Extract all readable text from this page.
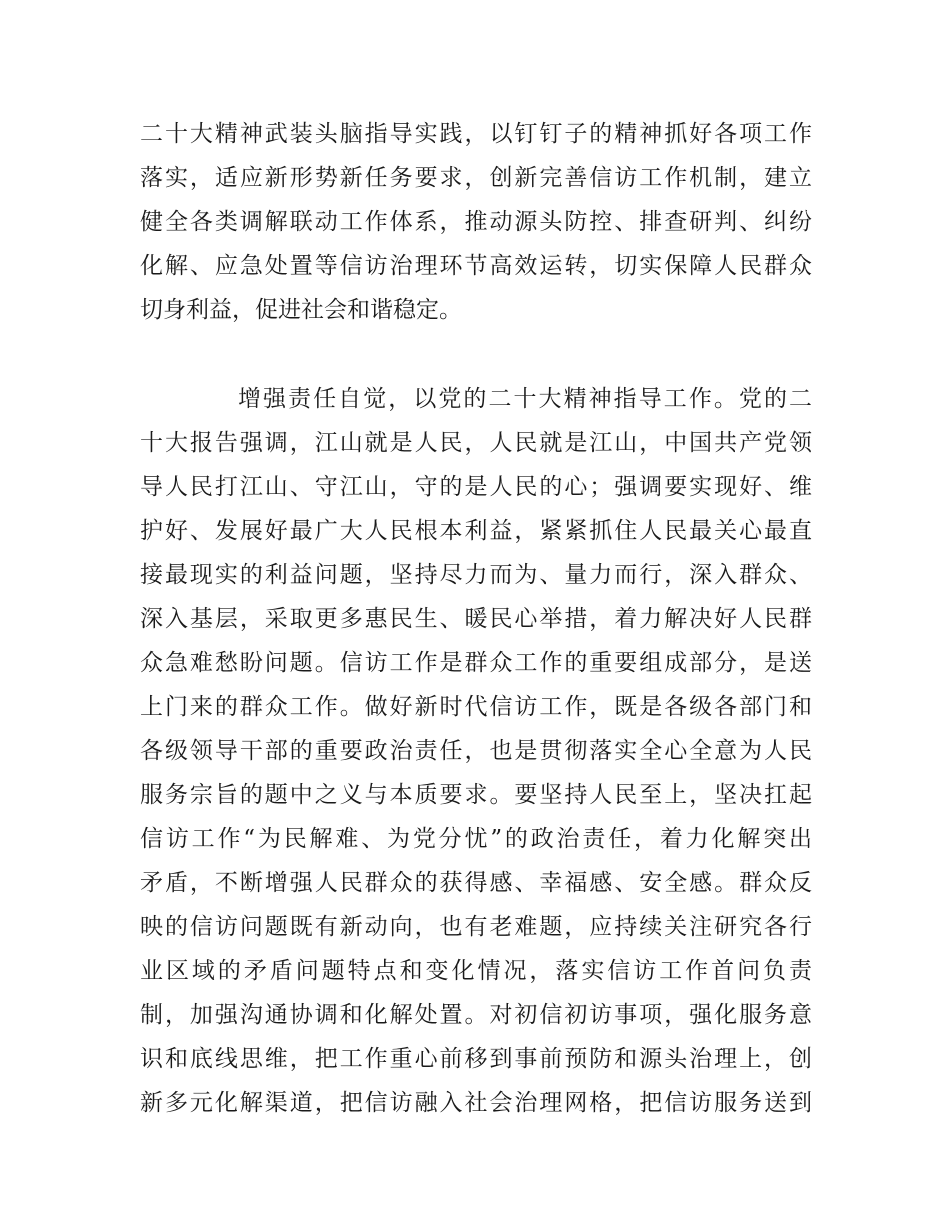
二十大精神武装头脑指导实践，以钉钉子的精神抓好各项工作
落实，适应新形势新任务要求，创新完善信访工作机制，建立
健全各类调解联动工作体系，推动源头防控、排查研判、纠纷
化解、应急处置等信访治理环节高效运转，切实保障人民群众
切身利益，促进社会和谐稳定。
增强责任自觉，以党的二十大精神指导工作。党的二
十大报告强调，江山就是人民，人民就是江山，中国共产党领
导人民打江山、守江山，守的是人民的心；强调要实现好、维
护好、发展好最广大人民根本利益，紧紧抓住人民最关心最直
接最现实的利益问题，坚持尽力而为、量力而行，深入群众、
深入基层，采取更多惠民生、暖民心举措，着力解决好人民群
众急难愁盼问题。信访工作是群众工作的重要组成部分，是送
上门来的群众工作。做好新时代信访工作，既是各级各部门和
各级领导干部的重要政治责任，也是贯彻落实全心全意为人民
服务宗旨的题中之义与本质要求。要坚持人民至上，坚决扛起
信访工作“为民解难、为党分忧”的政治责任，着力化解突出
矛盾，不断增强人民群众的获得感、幸福感、安全感。群众反
映的信访问题既有新动向，也有老难题，应持续关注研究各行
业区域的矛盾问题特点和变化情况，落实信访工作首问负责
制，加强沟通协调和化解处置。对初信初访事项，强化服务意
识和底线思维，把工作重心前移到事前预防和源头治理上，创
新多元化解渠道，把信访融入社会治理网格，把信访服务送到
